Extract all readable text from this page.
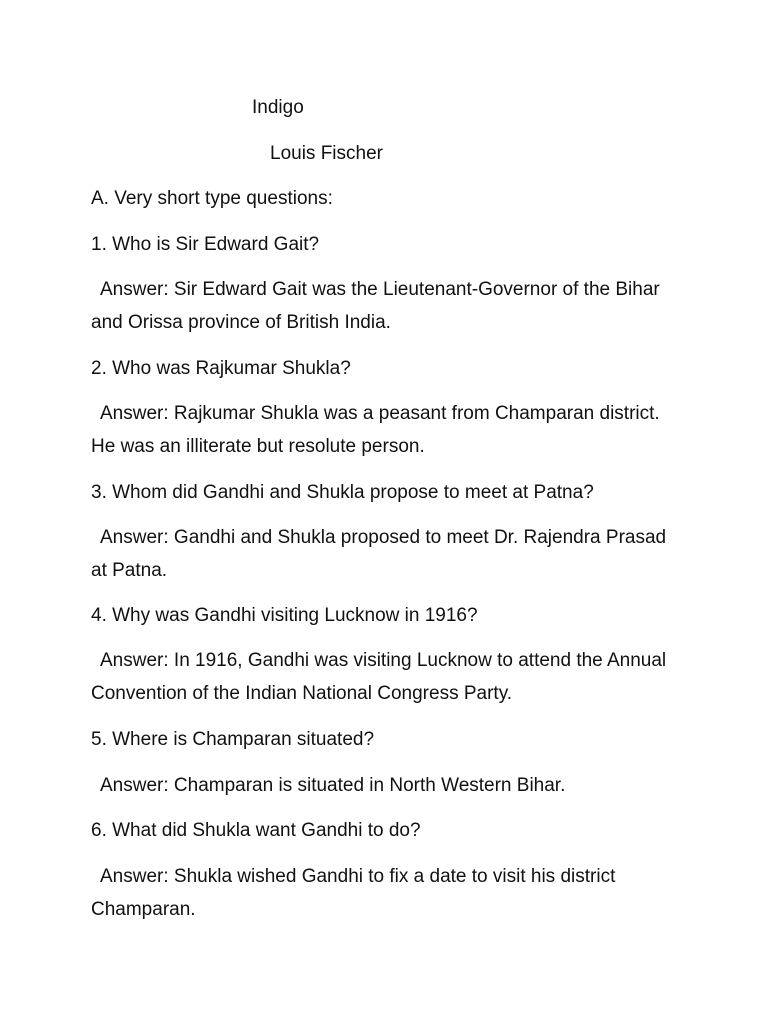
Indigo

Louis Fischer

A. Very short type questions:

1. Who is Sir Edward Gait?

Answer: Sir Edward Gait was the Lieutenant-Governor of the Bihar and Orissa province of British India.

2. Who was Rajkumar Shukla?

Answer: Rajkumar Shukla was a peasant from Champaran district. He was an illiterate but resolute person.

3. Whom did Gandhi and Shukla propose to meet at Patna?

Answer: Gandhi and Shukla proposed to meet Dr. Rajendra Prasad at Patna.

4. Why was Gandhi visiting Lucknow in 1916?

Answer: In 1916, Gandhi was visiting Lucknow to attend the Annual Convention of the Indian National Congress Party.

5. Where is Champaran situated?

Answer: Champaran is situated in North Western Bihar.

6. What did Shukla want Gandhi to do?

Answer: Shukla wished Gandhi to fix a date to visit his district Champaran.
